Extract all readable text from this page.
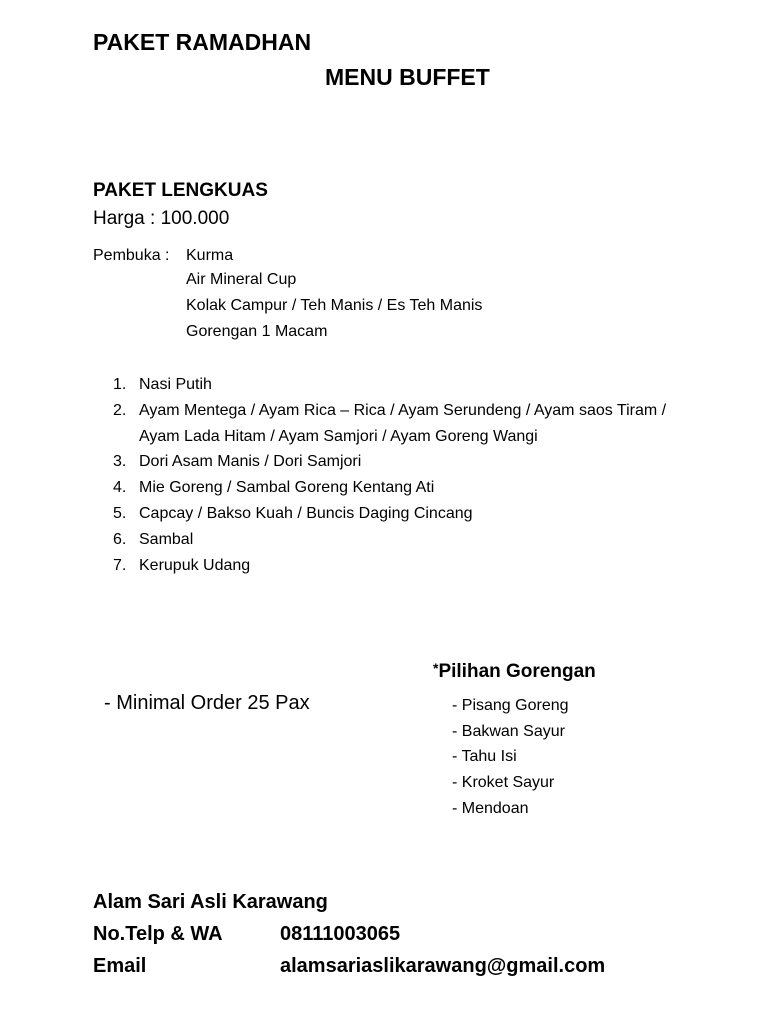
PAKET RAMADHAN
MENU BUFFET
PAKET LENGKUAS
Harga : 100.000
Pembuka : Kurma
Air Mineral Cup
Kolak Campur / Teh Manis / Es Teh Manis
Gorengan 1 Macam
1. Nasi Putih
2. Ayam Mentega / Ayam Rica – Rica / Ayam Serundeng / Ayam saos Tiram /
Ayam Lada Hitam / Ayam Samjori / Ayam Goreng Wangi
3. Dori Asam Manis / Dori Samjori
4. Mie Goreng / Sambal Goreng Kentang Ati
5. Capcay / Bakso Kuah / Buncis Daging Cincang
6. Sambal
7. Kerupuk Udang
*Pilihan Gorengan
- Minimal Order 25 Pax	- Pisang Goreng
- Bakwan Sayur
- Tahu Isi
- Kroket Sayur
- Mendoan
Alam Sari Asli Karawang
No.Telp & WA	08111003065
Email	alamsariaslikarawang@gmail.com
